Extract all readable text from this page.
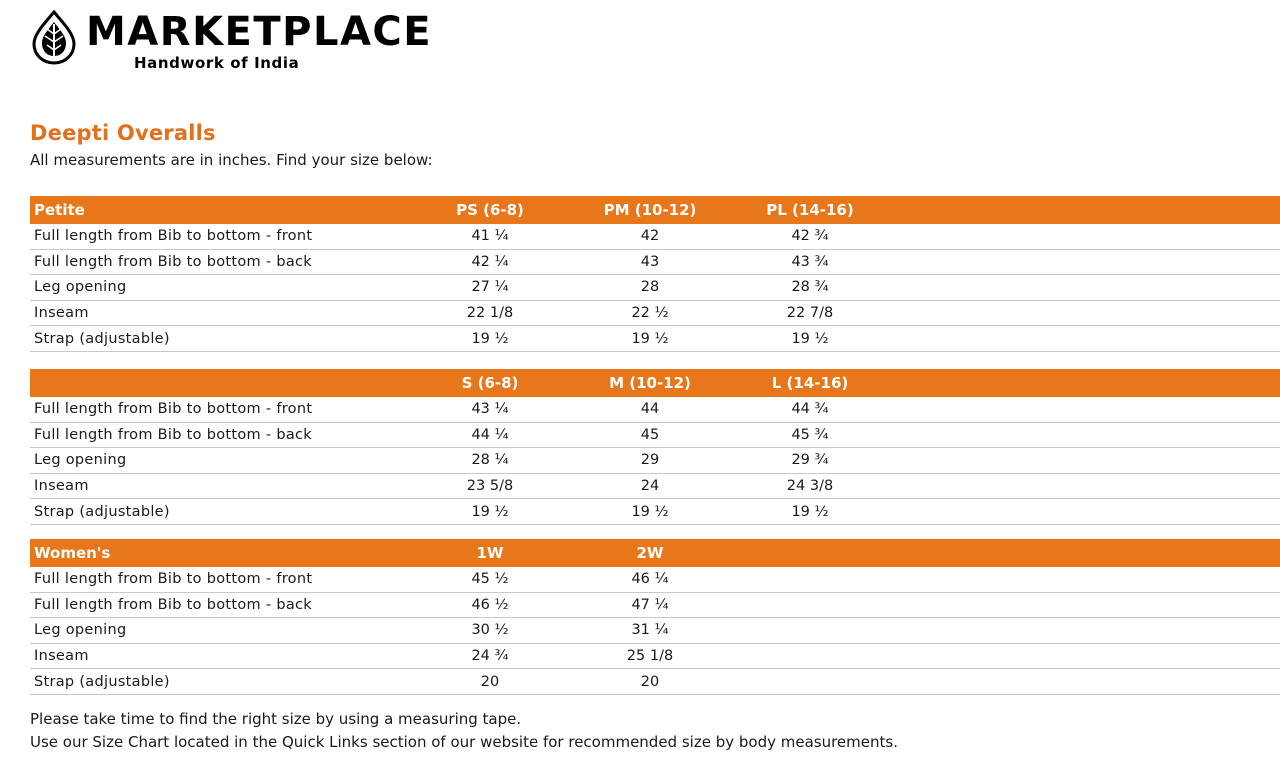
MARKETPLACE
Handwork of India
Deepti Overalls
All measurements are in inches. Find your size below:
Petite	PS (6-8)	PM (10-12)	PL (14-16)	
Full length from Bib to bottom - front	41 ¼	42	42 ¾	
Full length from Bib to bottom - back	42 ¼	43	43 ¾	
Leg opening	27 ¼	28	28 ¾	
Inseam	22 1/8	22 ½	22 7/8	
Strap (adjustable)	19 ½	19 ½	19 ½	
	S (6-8)	M (10-12)	L (14-16)	
Full length from Bib to bottom - front	43 ¼	44	44 ¾	
Full length from Bib to bottom - back	44 ¼	45	45 ¾	
Leg opening	28 ¼	29	29 ¾	
Inseam	23 5/8	24	24 3/8	
Strap (adjustable)	19 ½	19 ½	19 ½	
Women's	1W	2W		
Full length from Bib to bottom - front	45 ½	46 ¼		
Full length from Bib to bottom - back	46 ½	47 ¼		
Leg opening	30 ½	31 ¼		
Inseam	24 ¾	25 1/8		
Strap (adjustable)	20	20		
Please take time to find the right size by using a measuring tape.
Use our Size Chart located in the Quick Links section of our website for recommended size by body measurements.
